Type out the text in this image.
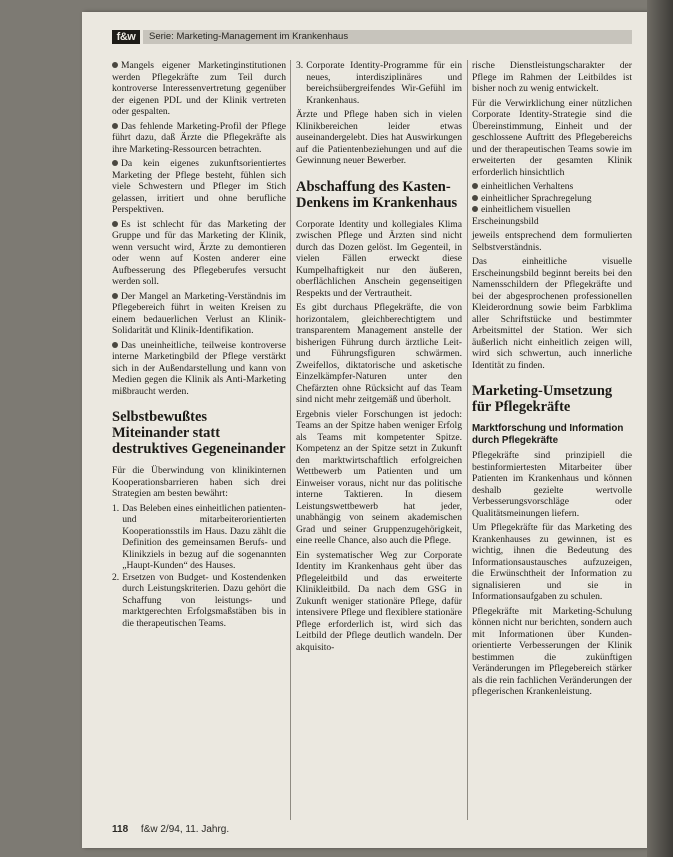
f&w	Serie: Marketing-Management im Krankenhaus

Mangels eigener Marketinginstitutionen werden Pflegekräfte zum Teil durch kontroverse Interessenvertretung gegenüber der eigenen PDL und der Klinik vertreten oder gespalten.

Das fehlende Marketing-Profil der Pflege führt dazu, daß Ärzte die Pflegekräfte als ihre Marketing-Ressourcen betrachten.

Da kein eigenes zukunftsorientiertes Marketing der Pflege besteht, fühlen sich viele Schwestern und Pfleger im Stich gelassen, irritiert und ohne berufliche Perspektiven.

Es ist schlecht für das Marketing der Gruppe und für das Marketing der Klinik, wenn versucht wird, Ärzte zu demontieren oder wenn auf Kosten anderer eine Aufbesserung des Pflegeberufes versucht werden soll.

Der Mangel an Marketing-Verständnis im Pflegebereich führt in weiten Kreisen zu einem bedauerlichen Verlust an Klinik-Solidarität und Klinik-Identifikation.

Das uneinheitliche, teilweise kontroverse interne Marketingbild der Pflege verstärkt sich in der Außendarstellung und kann von Medien gegen die Klinik als Anti-Marketing mißbraucht werden.

Selbstbewußtes Miteinander statt destruktives Gegeneinander

Für die Überwindung von klinikinternen Kooperationsbarrieren haben sich drei Strategien am besten bewährt:

1. Das Beleben eines einheitlichen patienten- und mitarbeiterorientierten Kooperationsstils im Haus. Dazu zählt die Definition des gemeinsamen Berufs- und Klinikziels in bezug auf die sogenannten „Haupt-Kunden“ des Hauses.
2. Ersetzen von Budget- und Kostendenken durch Leistungskriterien. Dazu gehört die Schaffung von leistungs- und marktgerechten Erfolgsmaßstäben bis in die therapeutischen Teams.
3. Corporate Identity-Programme für ein neues, interdisziplinäres und bereichsübergreifendes Wir-Gefühl im Krankenhaus.

Ärzte und Pflege haben sich in vielen Klinikbereichen leider etwas auseinandergelebt. Dies hat Auswirkungen auf die Patientenbeziehungen und auf die Gewinnung neuer Bewerber.

Abschaffung des Kasten-Denkens im Krankenhaus

Corporate Identity und kollegiales Klima zwischen Pflege und Ärzten sind nicht durch das Dozen gelöst. Im Gegenteil, in vielen Fällen erweckt diese Kumpelhaftigkeit nur den äußeren, oberflächlichen Anschein gegenseitigen Respekts und der Vertrautheit.

Es gibt durchaus Pflegekräfte, die von horizontalem, gleichberechtigtem und transparentem Management anstelle der bisherigen Führung durch ärztliche Leit- und Führungsfiguren schwärmen. Zweifellos, diktatorische und asketische Einzelkämpfer-Naturen unter den Chefärzten ohne Rücksicht auf das Team sind nicht mehr zeitgemäß und überholt.

Ergebnis vieler Forschungen ist jedoch: Teams an der Spitze haben weniger Erfolg als Teams mit kompetenter Spitze. Kompetenz an der Spitze setzt in Zukunft den marktwirtschaftlich erfolgreichen Wettbewerb um Patienten und um Einweiser voraus, nicht nur das politische interne Taktieren. In diesem Leistungswettbewerb hat jeder, unabhängig von seinem akademischen Grad und seiner Gruppenzugehörigkeit, eine reelle Chance, also auch die Pflege.

Ein systematischer Weg zur Corporate Identity im Krankenhaus geht über das Pflegeleitbild und das erweiterte Klinikleitbild. Da nach dem GSG in Zukunft weniger stationäre Pflege, dafür intensivere Pflege und flexiblere stationäre Pflege erforderlich ist, wird sich das Leitbild der Pflege deutlich wandeln. Der akquisito-

rische Dienstleistungscharakter der Pflege im Rahmen der Leitbildes ist bisher noch zu wenig entwickelt.

Für die Verwirklichung einer nützlichen Corporate Identity-Strategie sind die Übereinstimmung, Einheit und der geschlossene Auftritt des Pflegebereichs und der therapeutischen Teams sowie im erweiterten der gesamten Klinik erforderlich hinsichtlich

einheitlichen Verhaltens
einheitlicher Sprachregelung
einheitlichem visuellen Erscheinungsbild

jeweils entsprechend dem formulierten Selbstverständnis.

Das einheitliche visuelle Erscheinungsbild beginnt bereits bei den Namensschildern der Pflegekräfte und bei der abgesprochenen professionellen Kleiderordnung sowie beim Farbklima aller Schriftstücke und bestimmter Arbeitsmittel der Station. Wer sich äußerlich nicht einheitlich zeigen will, wird sich schwertun, auch innerliche Identität zu finden.

Marketing-Umsetzung für Pflegekräfte
Marktforschung und Information durch Pflegekräfte

Pflegekräfte sind prinzipiell die bestinformiertesten Mitarbeiter über Patienten im Krankenhaus und können deshalb gezielte wertvolle Verbesserungsvorschläge oder Qualitätsmeinungen liefern.

Um Pflegekräfte für das Marketing des Krankenhauses zu gewinnen, ist es wichtig, ihnen die Bedeutung des Informationsaustausches aufzuzeigen, die Erwünschtheit der Information zu signalisieren und sie in Informationsaufgaben zu schulen.

Pflegekräfte mit Marketing-Schulung können nicht nur berichten, sondern auch mit Informationen über Kunden-orientierte Verbesserungen der Klinik bestimmen die zukünftigen Veränderungen im Pflegebereich stärker als die rein fachlichen Veränderungen der pflegerischen Krankenleistung.

118 f&w 2/94, 11. Jahrg.
